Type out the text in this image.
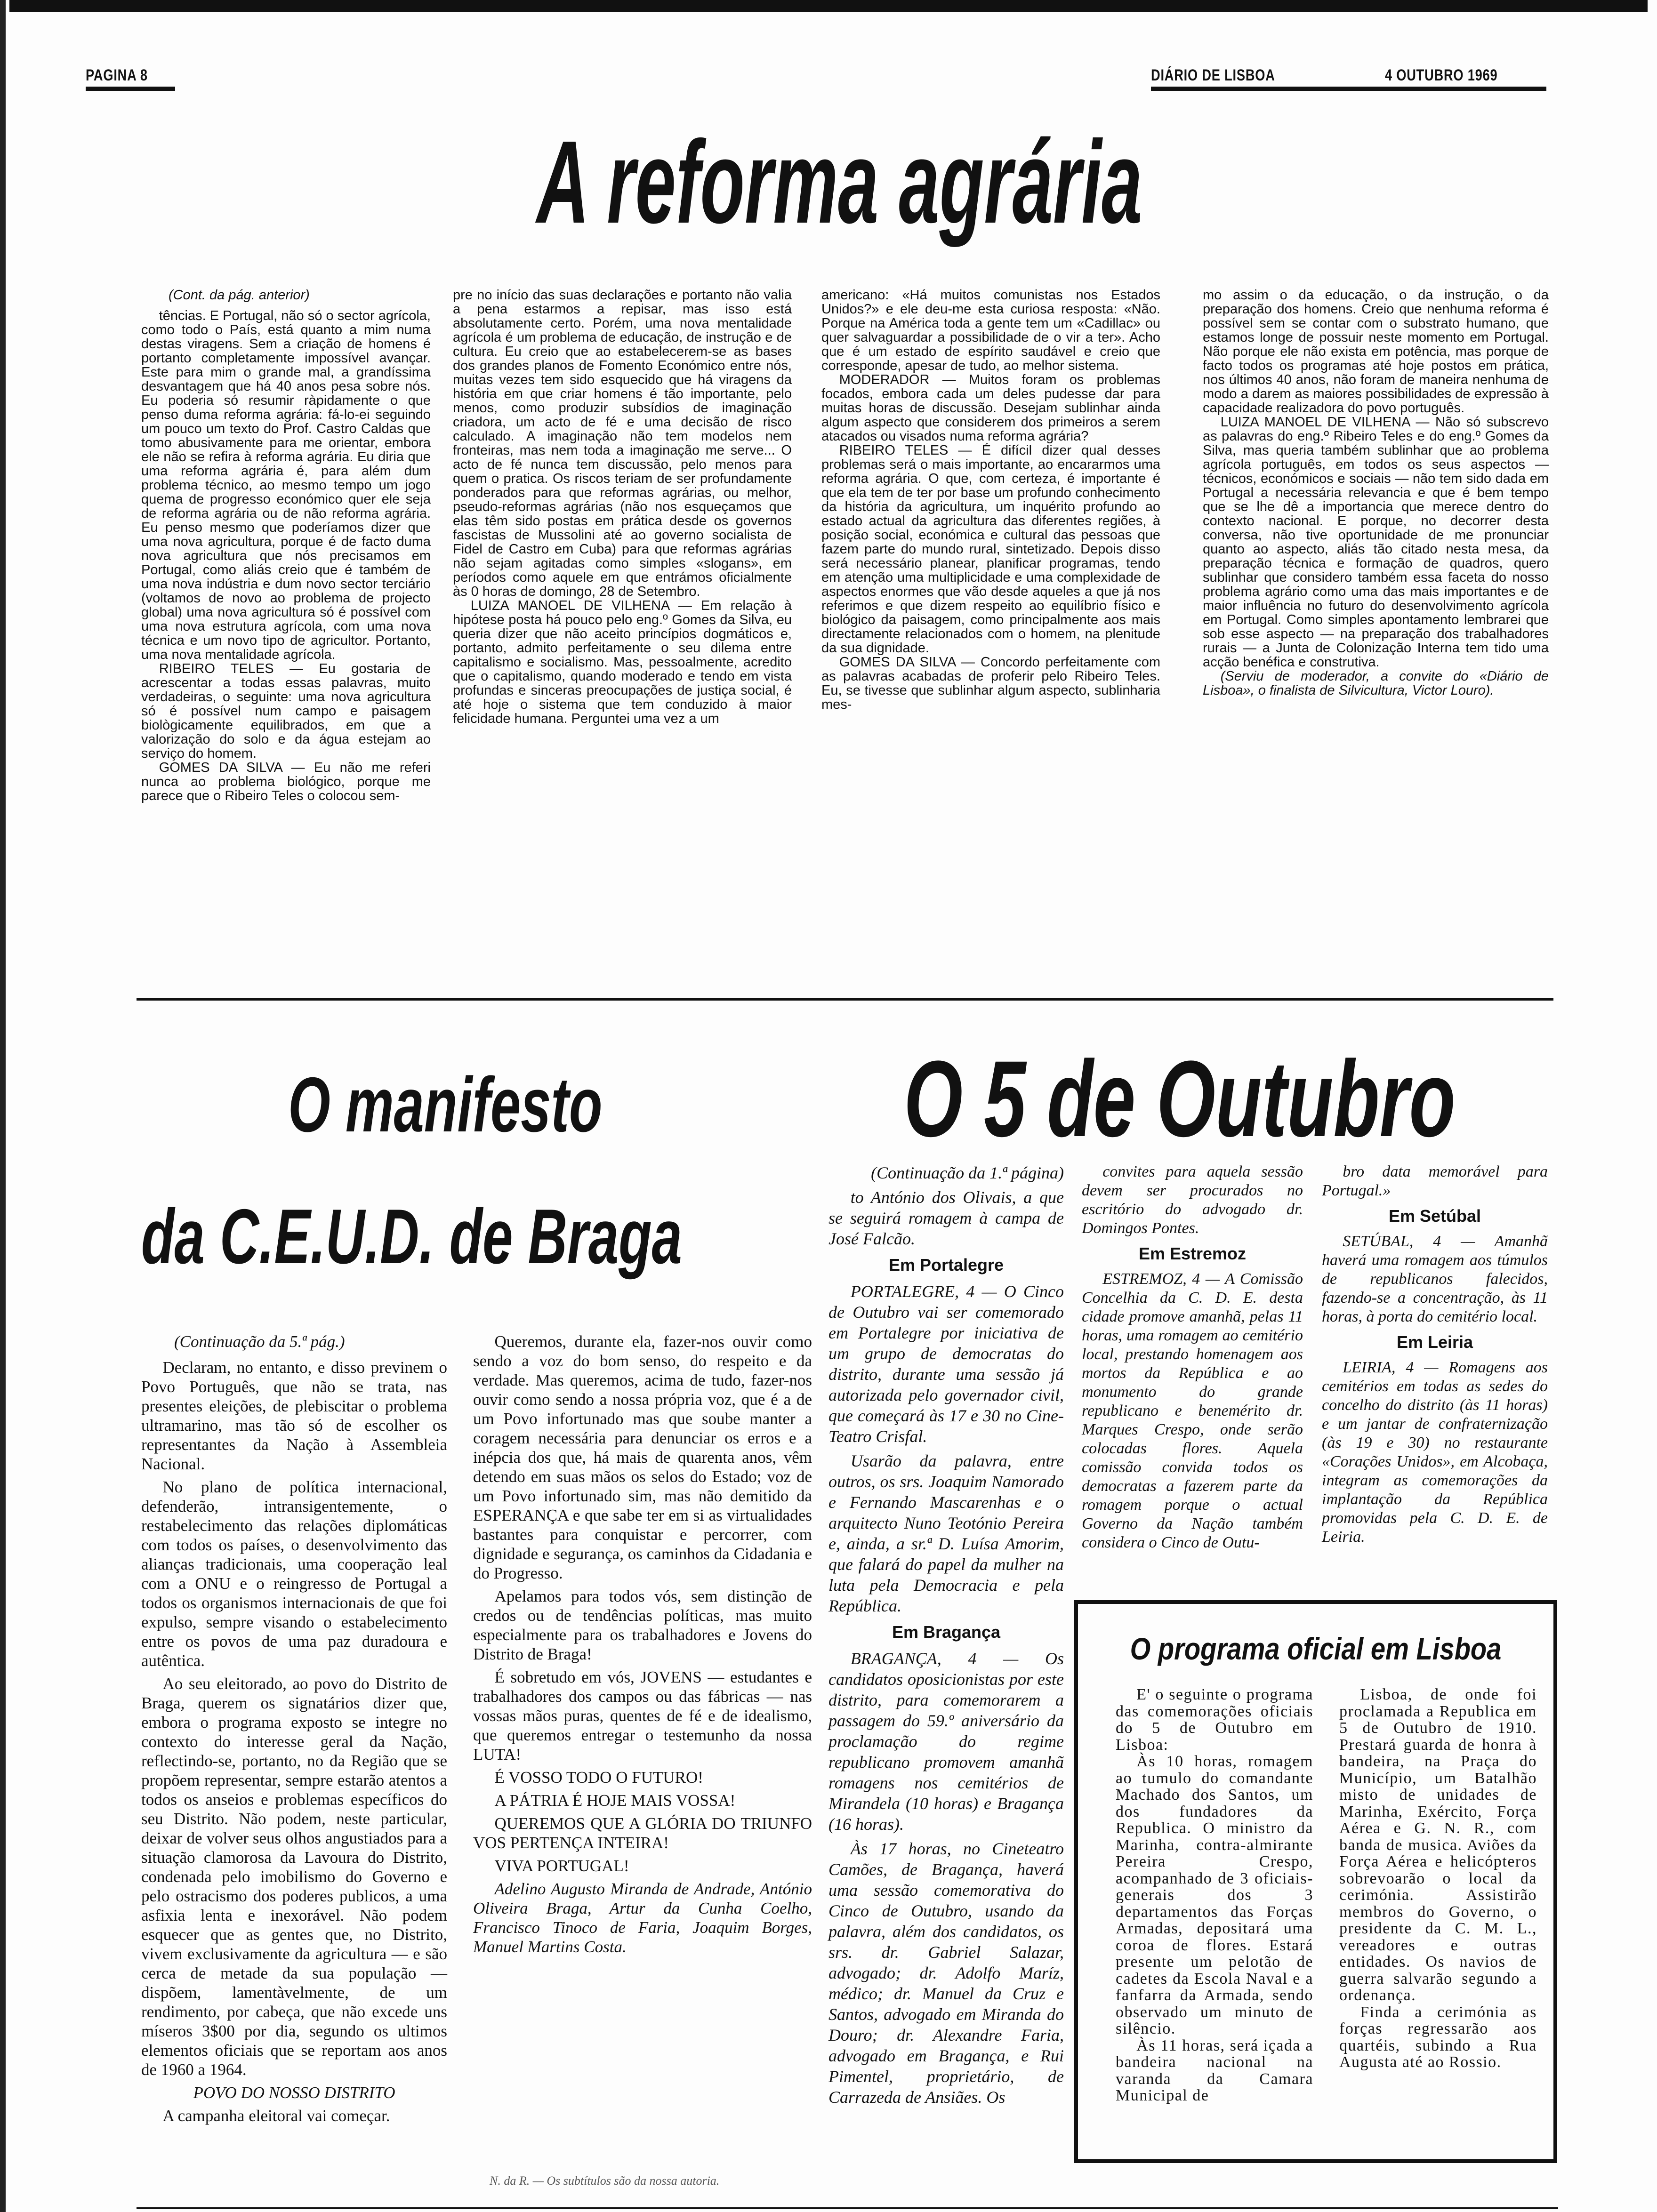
PAGINA 8	DIÁRIO DE LISBOA	4 OUTUBRO 1969
A reforma agrária

(Cont. da pág. anterior)

tências. E Portugal, não só o sector agrícola, como todo o País, está quanto a mim numa destas viragens. Sem a criação de homens é portanto completamente impossível avançar. Este para mim o grande mal, a grandíssima desvantagem que há 40 anos pesa sobre nós. Eu poderia só resumir ràpidamente o que penso duma reforma agrária: fá-lo-ei seguindo um pouco um texto do Prof. Castro Caldas que tomo abusivamente para me orientar, embora ele não se refira à reforma agrária. Eu diria que uma reforma agrária é, para além dum problema técnico, ao mesmo tempo um jogo quema de progresso económico quer ele seja de reforma agrária ou de não reforma agrária. Eu penso mesmo que poderíamos dizer que uma nova agricultura, porque é de facto duma nova agricultura que nós precisamos em Portugal, como aliás creio que é também de uma nova indústria e dum novo sector terciário (voltamos de novo ao problema de projecto global) uma nova agricultura só é possível com uma nova estrutura agrícola, com uma nova técnica e um novo tipo de agricultor. Portanto, uma nova mentalidade agrícola.

RIBEIRO TELES — Eu gostaria de acrescentar a todas essas palavras, muito verdadeiras, o seguinte: uma nova agricultura só é possível num campo e paisagem biològicamente equilibrados, em que a valorização do solo e da água estejam ao serviço do homem.

GOMES DA SILVA — Eu não me referi nunca ao problema biológico, porque me parece que o Ribeiro Teles o colocou sem-

pre no início das suas declarações e portanto não valia a pena estarmos a repisar, mas isso está absolutamente certo. Porém, uma nova mentalidade agrícola é um problema de educação, de instrução e de cultura. Eu creio que ao estabelecerem-se as bases dos grandes planos de Fomento Económico entre nós, muitas vezes tem sido esquecido que há viragens da história em que criar homens é tão importante, pelo menos, como produzir subsídios de imaginação criadora, um acto de fé e uma decisão de risco calculado. A imaginação não tem modelos nem fronteiras, mas nem toda a imaginação me serve... O acto de fé nunca tem discussão, pelo menos para quem o pratica. Os riscos teriam de ser profundamente ponderados para que reformas agrárias, ou melhor, pseudo-reformas agrárias (não nos esqueçamos que elas têm sido postas em prática desde os governos fascistas de Mussolini até ao governo socialista de Fidel de Castro em Cuba) para que reformas agrárias não sejam agitadas como simples «slogans», em períodos como aquele em que entrámos oficialmente às 0 horas de domingo, 28 de Setembro.

LUIZA MANOEL DE VILHENA — Em relação à hipótese posta há pouco pelo eng.º Gomes da Silva, eu queria dizer que não aceito princípios dogmáticos e, portanto, admito perfeitamente o seu dilema entre capitalismo e socialismo. Mas, pessoalmente, acredito que o capitalismo, quando moderado e tendo em vista profundas e sinceras preocupações de justiça social, é até hoje o sistema que tem conduzido à maior felicidade humana. Perguntei uma vez a um

americano: «Há muitos comunistas nos Estados Unidos?» e ele deu-me esta curiosa resposta: «Não. Porque na América toda a gente tem um «Cadillac» ou quer salvaguardar a possibilidade de o vir a ter». Acho que é um estado de espírito saudável e creio que corresponde, apesar de tudo, ao melhor sistema.

MODERADOR — Muitos foram os problemas focados, embora cada um deles pudesse dar para muitas horas de discussão. Desejam sublinhar ainda algum aspecto que considerem dos primeiros a serem atacados ou visados numa reforma agrária?

RIBEIRO TELES — É difícil dizer qual desses problemas será o mais importante, ao encararmos uma reforma agrária. O que, com certeza, é importante é que ela tem de ter por base um profundo conhecimento da história da agricultura, um inquérito profundo ao estado actual da agricultura das diferentes regiões, à posição social, económica e cultural das pessoas que fazem parte do mundo rural, sintetizado. Depois disso será necessário planear, planificar programas, tendo em atenção uma multiplicidade e uma complexidade de aspectos enormes que vão desde aqueles a que já nos referimos e que dizem respeito ao equilíbrio físico e biológico da paisagem, como principalmente aos mais directamente relacionados com o homem, na plenitude da sua dignidade.

GOMES DA SILVA — Concordo perfeitamente com as palavras acabadas de proferir pelo Ribeiro Teles. Eu, se tivesse que sublinhar algum aspecto, sublinharia mes-

mo assim o da educação, o da instrução, o da preparação dos homens. Creio que nenhuma reforma é possível sem se contar com o substrato humano, que estamos longe de possuir neste momento em Portugal. Não porque ele não exista em potência, mas porque de facto todos os programas até hoje postos em prática, nos últimos 40 anos, não foram de maneira nenhuma de modo a darem as maiores possibilidades de expressão à capacidade realizadora do povo português.

LUIZA MANOEL DE VILHENA — Não só subscrevo as palavras do eng.º Ribeiro Teles e do eng.º Gomes da Silva, mas queria também sublinhar que ao problema agrícola português, em todos os seus aspectos — técnicos, económicos e sociais — não tem sido dada em Portugal a necessária relevancia e que é bem tempo que se lhe dê a importancia que merece dentro do contexto nacional. E porque, no decorrer desta conversa, não tive oportunidade de me pronunciar quanto ao aspecto, aliás tão citado nesta mesa, da preparação técnica e formação de quadros, quero sublinhar que considero também essa faceta do nosso problema agrário como uma das mais importantes e de maior influência no futuro do desenvolvimento agrícola em Portugal. Como simples apontamento lembrarei que sob esse aspecto — na preparação dos trabalhadores rurais — a Junta de Colonização Interna tem tido uma acção benéfica e construtiva.

(Serviu de moderador, a convite do «Diário de Lisboa», o finalista de Silvicultura, Victor Louro).

O manifesto
da C.E.U.D. de Braga

(Continuação da 5.ª pág.)

Declaram, no entanto, e disso previnem o Povo Português, que não se trata, nas presentes eleições, de plebiscitar o problema ultramarino, mas tão só de escolher os representantes da Nação à Assembleia Nacional.

No plano de política internacional, defenderão, intransigentemente, o restabelecimento das relações diplomáticas com todos os países, o desenvolvimento das alianças tradicionais, uma cooperação leal com a ONU e o reingresso de Portugal a todos os organismos internacionais de que foi expulso, sempre visando o estabelecimento entre os povos de uma paz duradoura e autêntica.

Ao seu eleitorado, ao povo do Distrito de Braga, querem os signatários dizer que, embora o programa exposto se integre no contexto do interesse geral da Nação, reflectindo-se, portanto, no da Região que se propõem representar, sempre estarão atentos a todos os anseios e problemas específicos do seu Distrito. Não podem, neste particular, deixar de volver seus olhos angustiados para a situação clamorosa da Lavoura do Distrito, condenada pelo imobilismo do Governo e pelo ostracismo dos poderes publicos, a uma asfixia lenta e inexorável. Não podem esquecer que as gentes que, no Distrito, vivem exclusivamente da agricultura — e são cerca de metade da sua população — dispõem, lamentàvelmente, de um rendimento, por cabeça, que não excede uns míseros 3$00 por dia, segundo os ultimos elementos oficiais que se reportam aos anos de 1960 a 1964.

POVO DO NOSSO DISTRITO

A campanha eleitoral vai começar.

Queremos, durante ela, fazer-nos ouvir como sendo a voz do bom senso, do respeito e da verdade. Mas queremos, acima de tudo, fazer-nos ouvir como sendo a nossa própria voz, que é a de um Povo infortunado mas que soube manter a coragem necessária para denunciar os erros e a inépcia dos que, há mais de quarenta anos, vêm detendo em suas mãos os selos do Estado; voz de um Povo infortunado sim, mas não demitido da ESPERANÇA e que sabe ter em si as virtualidades bastantes para conquistar e percorrer, com dignidade e segurança, os caminhos da Cidadania e do Progresso.

Apelamos para todos vós, sem distinção de credos ou de tendências políticas, mas muito especialmente para os trabalhadores e Jovens do Distrito de Braga!

É sobretudo em vós, JOVENS — estudantes e trabalhadores dos campos ou das fábricas — nas vossas mãos puras, quentes de fé e de idealismo, que queremos entregar o testemunho da nossa LUTA!

É VOSSO TODO O FUTURO!

A PÁTRIA É HOJE MAIS VOSSA!

QUEREMOS QUE A GLÓRIA DO TRIUNFO VOS PERTENÇA INTEIRA!

VIVA PORTUGAL!

Adelino Augusto Miranda de Andrade, António Oliveira Braga, Artur da Cunha Coelho, Francisco Tinoco de Faria, Joaquim Borges, Manuel Martins Costa.

N. da R. — Os subtítulos são da nossa autoria.
O 5 de Outubro

(Continuação da 1.ª página)

to António dos Olivais, a que se seguirá romagem à campa de José Falcão.

Em Portalegre

PORTALEGRE, 4 — O Cinco de Outubro vai ser comemorado em Portalegre por iniciativa de um grupo de democratas do distrito, durante uma sessão já autorizada pelo governador civil, que começará às 17 e 30 no Cine-Teatro Crisfal.

Usarão da palavra, entre outros, os srs. Joaquim Namorado e Fernando Mascarenhas e o arquitecto Nuno Teotónio Pereira e, ainda, a sr.ª D. Luísa Amorim, que falará do papel da mulher na luta pela Democracia e pela República.

Em Bragança

BRAGANÇA, 4 — Os candidatos oposicionistas por este distrito, para comemorarem a passagem do 59.º aniversário da proclamação do regime republicano promovem amanhã romagens nos cemitérios de Mirandela (10 horas) e Bragança (16 horas).

Às 17 horas, no Cineteatro Camões, de Bragança, haverá uma sessão comemorativa do Cinco de Outubro, usando da palavra, além dos candidatos, os srs. dr. Gabriel Salazar, advogado; dr. Adolfo Maríz, médico; dr. Manuel da Cruz e Santos, advogado em Miranda do Douro; dr. Alexandre Faria, advogado em Bragança, e Rui Pimentel, proprietário, de Carrazeda de Ansiães. Os

convites para aquela sessão devem ser procurados no escritório do advogado dr. Domingos Pontes.

Em Estremoz

ESTREMOZ, 4 — A Comissão Concelhia da C. D. E. desta cidade promove amanhã, pelas 11 horas, uma romagem ao cemitério local, prestando homenagem aos mortos da República e ao monumento do grande republicano e benemérito dr. Marques Crespo, onde serão colocadas flores. Aquela comissão convida todos os democratas a fazerem parte da romagem porque o actual Governo da Nação também considera o Cinco de Outu-

bro data memorável para Portugal.»

Em Setúbal

SETÚBAL, 4 — Amanhã haverá uma romagem aos túmulos de republicanos falecidos, fazendo-se a concentração, às 11 horas, à porta do cemitério local.

Em Leiria

LEIRIA, 4 — Romagens aos cemitérios em todas as sedes do concelho do distrito (às 11 horas) e um jantar de confraternização (às 19 e 30) no restaurante «Corações Unidos», em Alcobaça, integram as comemorações da implantação da República promovidas pela C. D. E. de Leiria.

O programa oficial em Lisboa

E' o seguinte o programa das comemorações oficiais do 5 de Outubro em Lisboa:

Às 10 horas, romagem ao tumulo do comandante Machado dos Santos, um dos fundadores da Republica. O ministro da Marinha, contra-almirante Pereira Crespo, acompanhado de 3 oficiais-generais dos 3 departamentos das Forças Armadas, depositará uma coroa de flores. Estará presente um pelotão de cadetes da Escola Naval e a fanfarra da Armada, sendo observado um minuto de silêncio.

Às 11 horas, será içada a bandeira nacional na varanda da Camara Municipal de

Lisboa, de onde foi proclamada a Republica em 5 de Outubro de 1910. Prestará guarda de honra à bandeira, na Praça do Município, um Batalhão misto de unidades de Marinha, Exército, Força Aérea e G. N. R., com banda de musica. Aviões da Força Aérea e helicópteros sobrevoarão o local da cerimónia. Assistirão membros do Governo, o presidente da C. M. L., vereadores e outras entidades. Os navios de guerra salvarão segundo a ordenança.

Finda a cerimónia as forças regressarão aos quartéis, subindo a Rua Augusta até ao Rossio.
